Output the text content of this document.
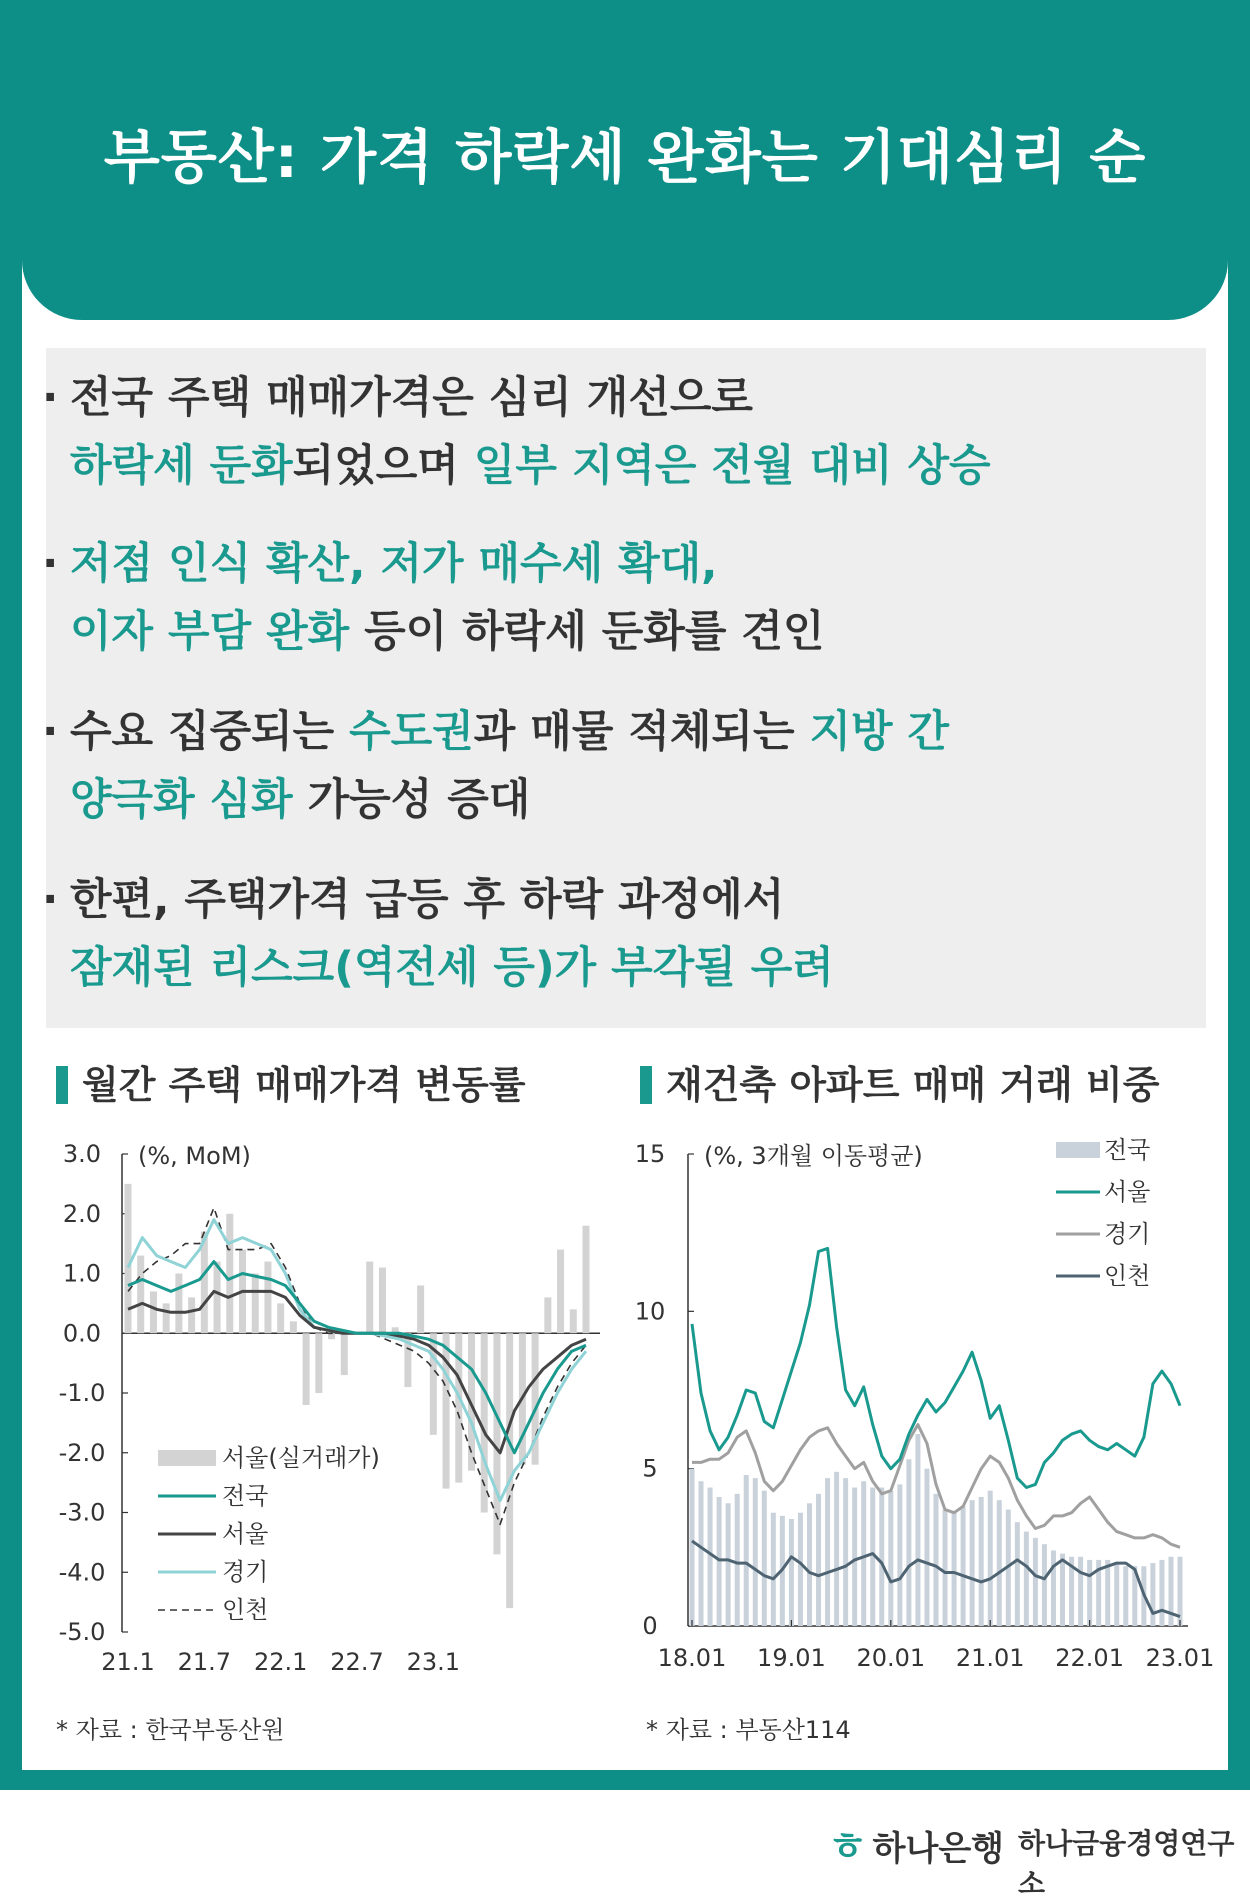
부동산: 가격 하락세 완화는 기대심리 순
· 전국 주택 매매가격은 심리 개선으로
하락세 둔화되었으며 일부 지역은 전월 대비 상승
· 저점 인식 확산, 저가 매수세 확대,
이자 부담 완화 등이 하락세 둔화를 견인
· 수요 집중되는 수도권과 매물 적체되는 지방 간
양극화 심화 가능성 증대
· 한편, 주택가격 급등 후 하락 과정에서
잠재된 리스크(역전세 등)가 부각될 우려
월간 주택 매매가격 변동률	재건축 아파트 매매 거래 비중
3.0
2.0
1.0
0.0
-1.0
-2.0
-3.0
-4.0
-5.0
(%, MoM)
21.1 21.7 22.1 22.7 23.1
서울(실거래가)
전국
서울
경기
인천
15
10
5
0
(%, 3개월 이동평균)
18.01 19.01 20.01 21.01 22.01 23.01
전국
서울
경기
인천
* 자료 : 한국부동산원	* 자료 : 부동산114
ㅎ 하나은행 하나금융경영연구소
